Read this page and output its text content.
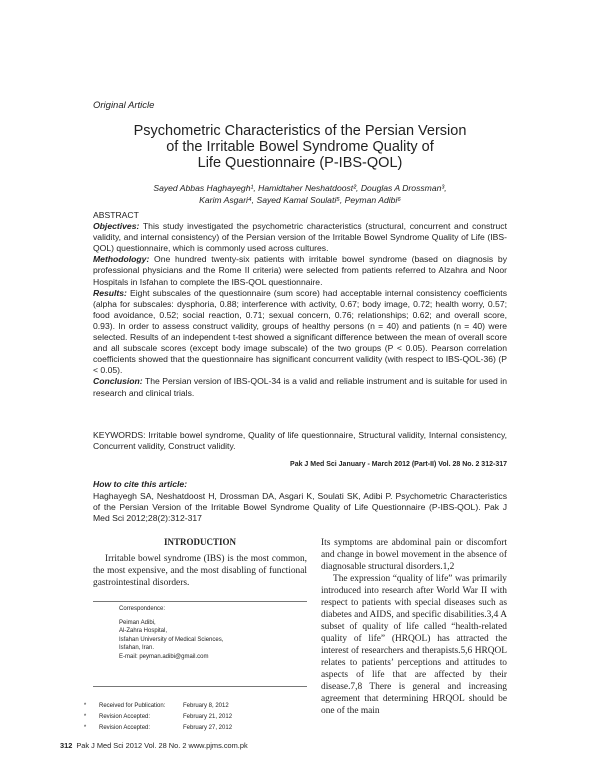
Original Article
Psychometric Characteristics of the Persian Version
of the Irritable Bowel Syndrome Quality of
Life Questionnaire (P-IBS-QOL)
Sayed Abbas Haghayegh¹, Hamidtaher Neshatdoost², Douglas A Drossman³,
Karim Asgari⁴, Sayed Kamal Soulati⁵, Peyman Adibi⁶

ABSTRACT

Objectives: This study investigated the psychometric characteristics (structural, concurrent and construct validity, and internal consistency) of the Persian version of the Irritable Bowel Syndrome Quality of Life (IBS-QOL) questionnaire, which is commonly used across cultures.

Methodology: One hundred twenty-six patients with irritable bowel syndrome (based on diagnosis by professional physicians and the Rome II criteria) were selected from patients referred to Alzahra and Noor Hospitals in Isfahan to complete the IBS-QOL questionnaire.

Results: Eight subscales of the questionnaire (sum score) had acceptable internal consistency coefficients (alpha for subscales: dysphoria, 0.88; interference with activity, 0.67; body image, 0.72; health worry, 0.57; food avoidance, 0.52; social reaction, 0.71; sexual concern, 0.76; relationships; 0.62; and overall score, 0.93). In order to assess construct validity, groups of healthy persons (n = 40) and patients (n = 40) were selected. Results of an independent t-test showed a significant difference between the mean of overall score and all subscale scores (except body image subscale) of the two groups (P < 0.05). Pearson correlation coefficients showed that the questionnaire has significant concurrent validity (with respect to IBS-QOL-36) (P < 0.05).

Conclusion: The Persian version of IBS-QOL-34 is a valid and reliable instrument and is suitable for used in research and clinical trials.

KEYWORDS: Irritable bowel syndrome, Quality of life questionnaire, Structural validity, Internal consistency, Concurrent validity, Construct validity.
Pak J Med Sci January - March 2012 (Part-II) Vol. 28 No. 2 312-317
How to cite this article:
Haghayegh SA, Neshatdoost H, Drossman DA, Asgari K, Soulati SK, Adibi P. Psychometric Characteristics of the Persian Version of the Irritable Bowel Syndrome Quality of Life Questionnaire (P-IBS-QOL). Pak J Med Sci 2012;28(2):312-317
INTRODUCTION

Irritable bowel syndrome (IBS) is the most common, the most expensive, and the most disabling of functional gastrointestinal disorders.

Correspondence:
Peiman Adibi,
Al-Zahra Hospital,
Isfahan University of Medical Sciences,
Isfahan, Iran.
E-mail: peyman.adibi@gmail.com
*	Received for Publication:	February 8, 2012
*	Revision Accepted:	February 21, 2012
*	Revision Accepted:	February 27, 2012

Its symptoms are abdominal pain or discomfort and change in bowel movement in the absence of diagnosable structural disorders.1,2

The expression “quality of life” was primarily introduced into research after World War II with respect to patients with special diseases such as diabetes and AIDS, and specific disabilities.3,4 A subset of quality of life called “health-related quality of life” (HRQOL) has attracted the interest of researchers and therapists.5,6 HRQOL relates to patients’ perceptions and attitudes to aspects of life that are affected by their disease.7,8 There is general and increasing agreement that determining HRQOL should be one of the main

312 Pak J Med Sci 2012 Vol. 28 No. 2 www.pjms.com.pk
